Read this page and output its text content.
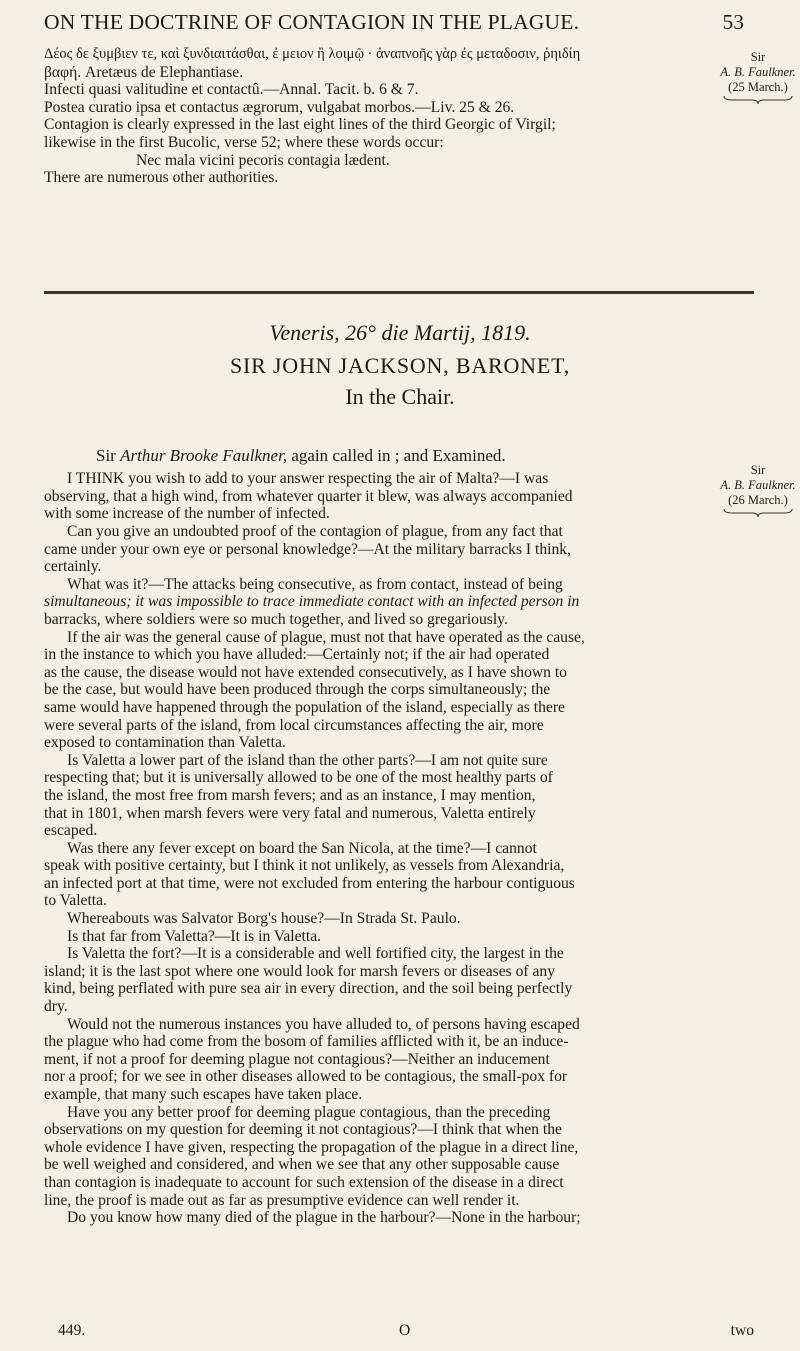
ON THE DOCTRINE OF CONTAGION IN THE PLAGUE.	53
Δέος δε ξυμβιεν τε, καὶ ξυνδιαιτάσθαι, ἐ μειον ἢ λοιμῷ · ἀναπνοῆς γὰρ ἐς μεταδοσιν, ῥηιδίη
βαφή. Aretæus de Elephantiase.
Infecti quasi valitudine et contactû.—Annal. Tacit. b. 6 & 7.
Postea curatio ipsa et contactus ægrorum, vulgabat morbos.—Liv. 25 & 26.
Contagion is clearly expressed in the last eight lines of the third Georgic of Virgil;
likewise in the first Bucolic, verse 52; where these words occur:
Nec mala vicini pecoris contagia lædent.
There are numerous other authorities.
Sir
A. B. Faulkner.
(25 March.)
Veneris, 26° die Martij, 1819.
SIR JOHN JACKSON, BARONET,
In the Chair.
Sir Arthur Brooke Faulkner, again called in ; and Examined.
Sir
A. B. Faulkner.
(26 March.)
I THINK you wish to add to your answer respecting the air of Malta?—I was
observing, that a high wind, from whatever quarter it blew, was always accompanied
with some increase of the number of infected.
Can you give an undoubted proof of the contagion of plague, from any fact that
came under your own eye or personal knowledge?—At the military barracks I think,
certainly.
What was it?—The attacks being consecutive, as from contact, instead of being
simultaneous; it was impossible to trace immediate contact with an infected person in
barracks, where soldiers were so much together, and lived so gregariously.
If the air was the general cause of plague, must not that have operated as the cause,
in the instance to which you have alluded:—Certainly not; if the air had operated
as the cause, the disease would not have extended consecutively, as I have shown to
be the case, but would have been produced through the corps simultaneously; the
same would have happened through the population of the island, especially as there
were several parts of the island, from local circumstances affecting the air, more
exposed to contamination than Valetta.
Is Valetta a lower part of the island than the other parts?—I am not quite sure
respecting that; but it is universally allowed to be one of the most healthy parts of
the island, the most free from marsh fevers; and as an instance, I may mention,
that in 1801, when marsh fevers were very fatal and numerous, Valetta entirely
escaped.
Was there any fever except on board the San Nicola, at the time?—I cannot
speak with positive certainty, but I think it not unlikely, as vessels from Alexandria,
an infected port at that time, were not excluded from entering the harbour contiguous
to Valetta.
Whereabouts was Salvator Borg's house?—In Strada St. Paulo.
Is that far from Valetta?—It is in Valetta.
Is Valetta the fort?—It is a considerable and well fortified city, the largest in the
island; it is the last spot where one would look for marsh fevers or diseases of any
kind, being perflated with pure sea air in every direction, and the soil being perfectly
dry.
Would not the numerous instances you have alluded to, of persons having escaped
the plague who had come from the bosom of families afflicted with it, be an induce-
ment, if not a proof for deeming plague not contagious?—Neither an inducement
nor a proof; for we see in other diseases allowed to be contagious, the small-pox for
example, that many such escapes have taken place.
Have you any better proof for deeming plague contagious, than the preceding
observations on my question for deeming it not contagious?—I think that when the
whole evidence I have given, respecting the propagation of the plague in a direct line,
be well weighed and considered, and when we see that any other supposable cause
than contagion is inadequate to account for such extension of the disease in a direct
line, the proof is made out as far as presumptive evidence can well render it.
Do you know how many died of the plague in the harbour?—None in the harbour;
449.	O	two
